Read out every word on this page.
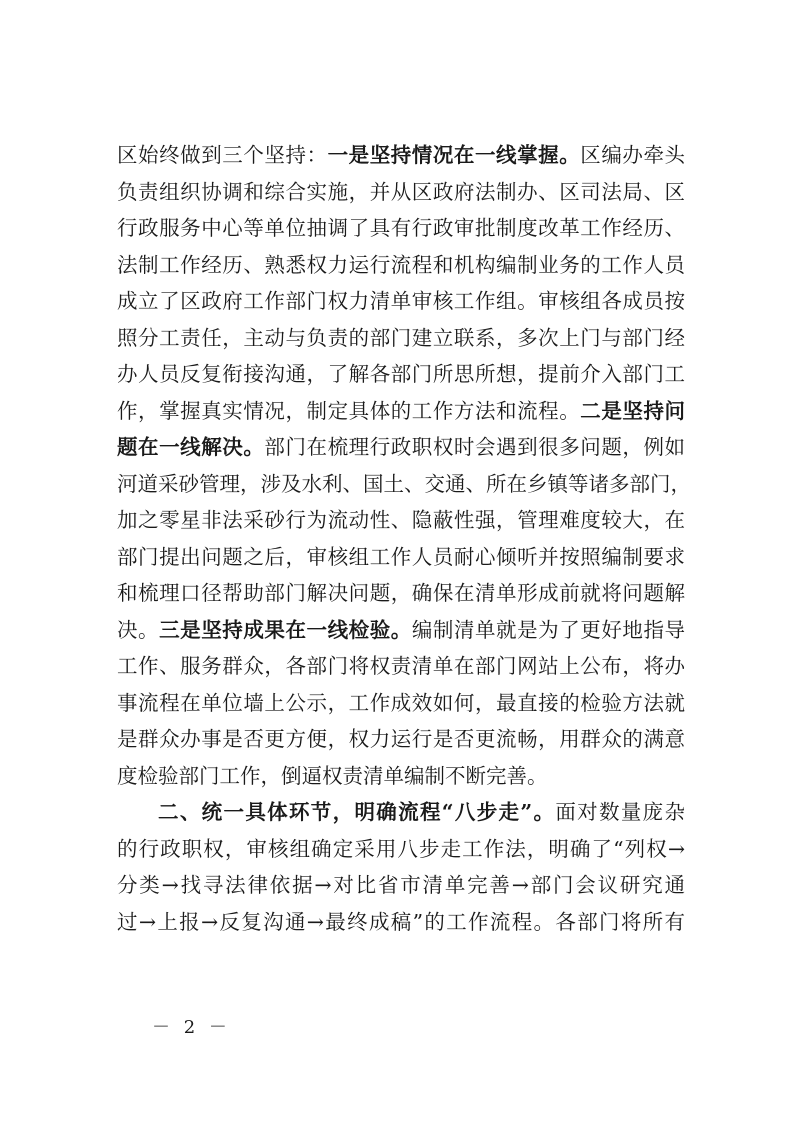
区始终做到三个坚持：一是坚持情况在一线掌握。区编办牵头
负责组织协调和综合实施，并从区政府法制办、区司法局、区
行政服务中心等单位抽调了具有行政审批制度改革工作经历、
法制工作经历、熟悉权力运行流程和机构编制业务的工作人员
成立了区政府工作部门权力清单审核工作组。审核组各成员按
照分工责任，主动与负责的部门建立联系，多次上门与部门经
办人员反复衔接沟通，了解各部门所思所想，提前介入部门工
作，掌握真实情况，制定具体的工作方法和流程。二是坚持问
题在一线解决。部门在梳理行政职权时会遇到很多问题，例如
河道采砂管理，涉及水利、国土、交通、所在乡镇等诸多部门，
加之零星非法采砂行为流动性、隐蔽性强，管理难度较大，在
部门提出问题之后，审核组工作人员耐心倾听并按照编制要求
和梳理口径帮助部门解决问题，确保在清单形成前就将问题解
决。三是坚持成果在一线检验。编制清单就是为了更好地指导
工作、服务群众，各部门将权责清单在部门网站上公布，将办
事流程在单位墙上公示，工作成效如何，最直接的检验方法就
是群众办事是否更方便，权力运行是否更流畅，用群众的满意
度检验部门工作，倒逼权责清单编制不断完善。
二、统一具体环节，明确流程“八步走”。面对数量庞杂
的行政职权，审核组确定采用八步走工作法，明确了“列权→
分类→找寻法律依据→对比省市清单完善→部门会议研究通
过→上报→反复沟通→最终成稿”的工作流程。各部门将所有
－ 2 －
